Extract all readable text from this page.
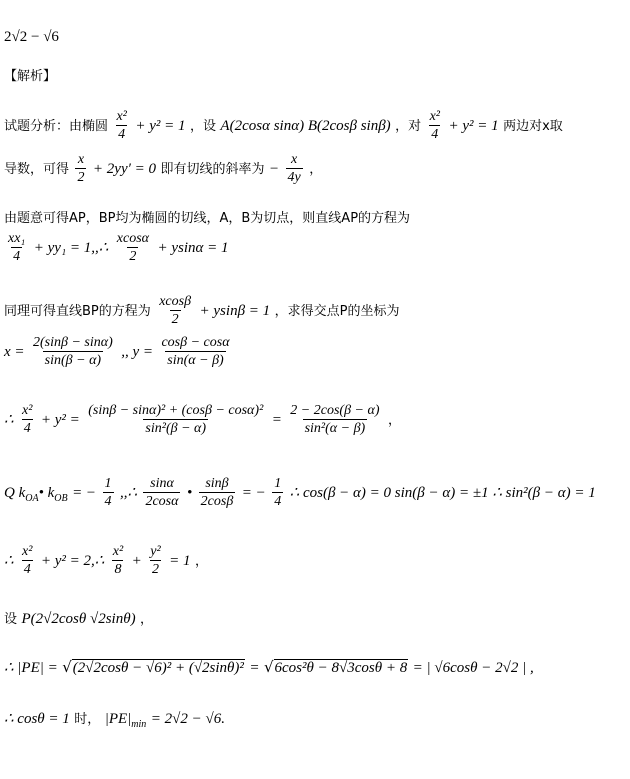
2√2 − √6
【解析】
试题分析：由椭圆 $\frac{\text{x²}}{4} + y^2 = 1$ ，设 A(2cosα sinα) B(2cosβ sinβ) ，对 $\frac{\text{x²}}{4} + y^2 = 1$ 两边对x取
导数，可得 $\frac{x}{2} + 2yy' = 0$ 即有切线的斜率为 − $\frac{x}{4y}$ ，
由题意可得AP，BP均为椭圆的切线，A，B为切点，则直线AP的方程为
$\frac{\text{xx₁}}{4} + yy_1$ = 1,,∴ $\frac{xcos\alpha}{2} + ysin\alpha = 1$
同理可得直线BP的方程为 $\frac{xcos\beta}{2} + ysin\beta = 1$ ，求得交点P的坐标为
$x = \frac{2(\sin\beta - \sin\alpha)}{\sin(\beta - \alpha)}$ ,, $y = \frac{\cos\beta - \cos\alpha}{\sin(\alpha - \beta)}$
∴ $\frac{\text{x²}}{4} + y^2 = \frac{\text{(sinβ − sinα)² + (cosβ − cosα)²}}{\text{sin²(β − α)}} = \frac{2 - 2\cos(\beta - \alpha)}{\text{sin²(α − β)}}$ ，
Q $k_{OA}•$ $k_{OB}$ = − $\frac{1}{4}$ ,,∴ $\frac{\sin\alpha}{2\cos\alpha}$ • $\frac{\sin\beta}{2\cos\beta}$ = − $\frac{1}{4}$ ∴ cos(β − α) = 0 sin(β − α) = ±1 ∴ sin²(β − α) = 1
∴ $\frac{\text{x²}}{4} + y^2$ = 2,∴ $\frac{\text{x²}}{8} + \frac{\text{y²}}{2} = 1$ ，
设 P(2√2cosθ √2sinθ) ，
∴ |PE| = √(2√2cosθ − √6)² + (√2sinθ)² = √6cos²θ − 8√3cosθ + 8 = | √6cosθ − 2√2 | ,
∴ cosθ = 1 时， $|PE|_{min} = 2√2 - √6$.
